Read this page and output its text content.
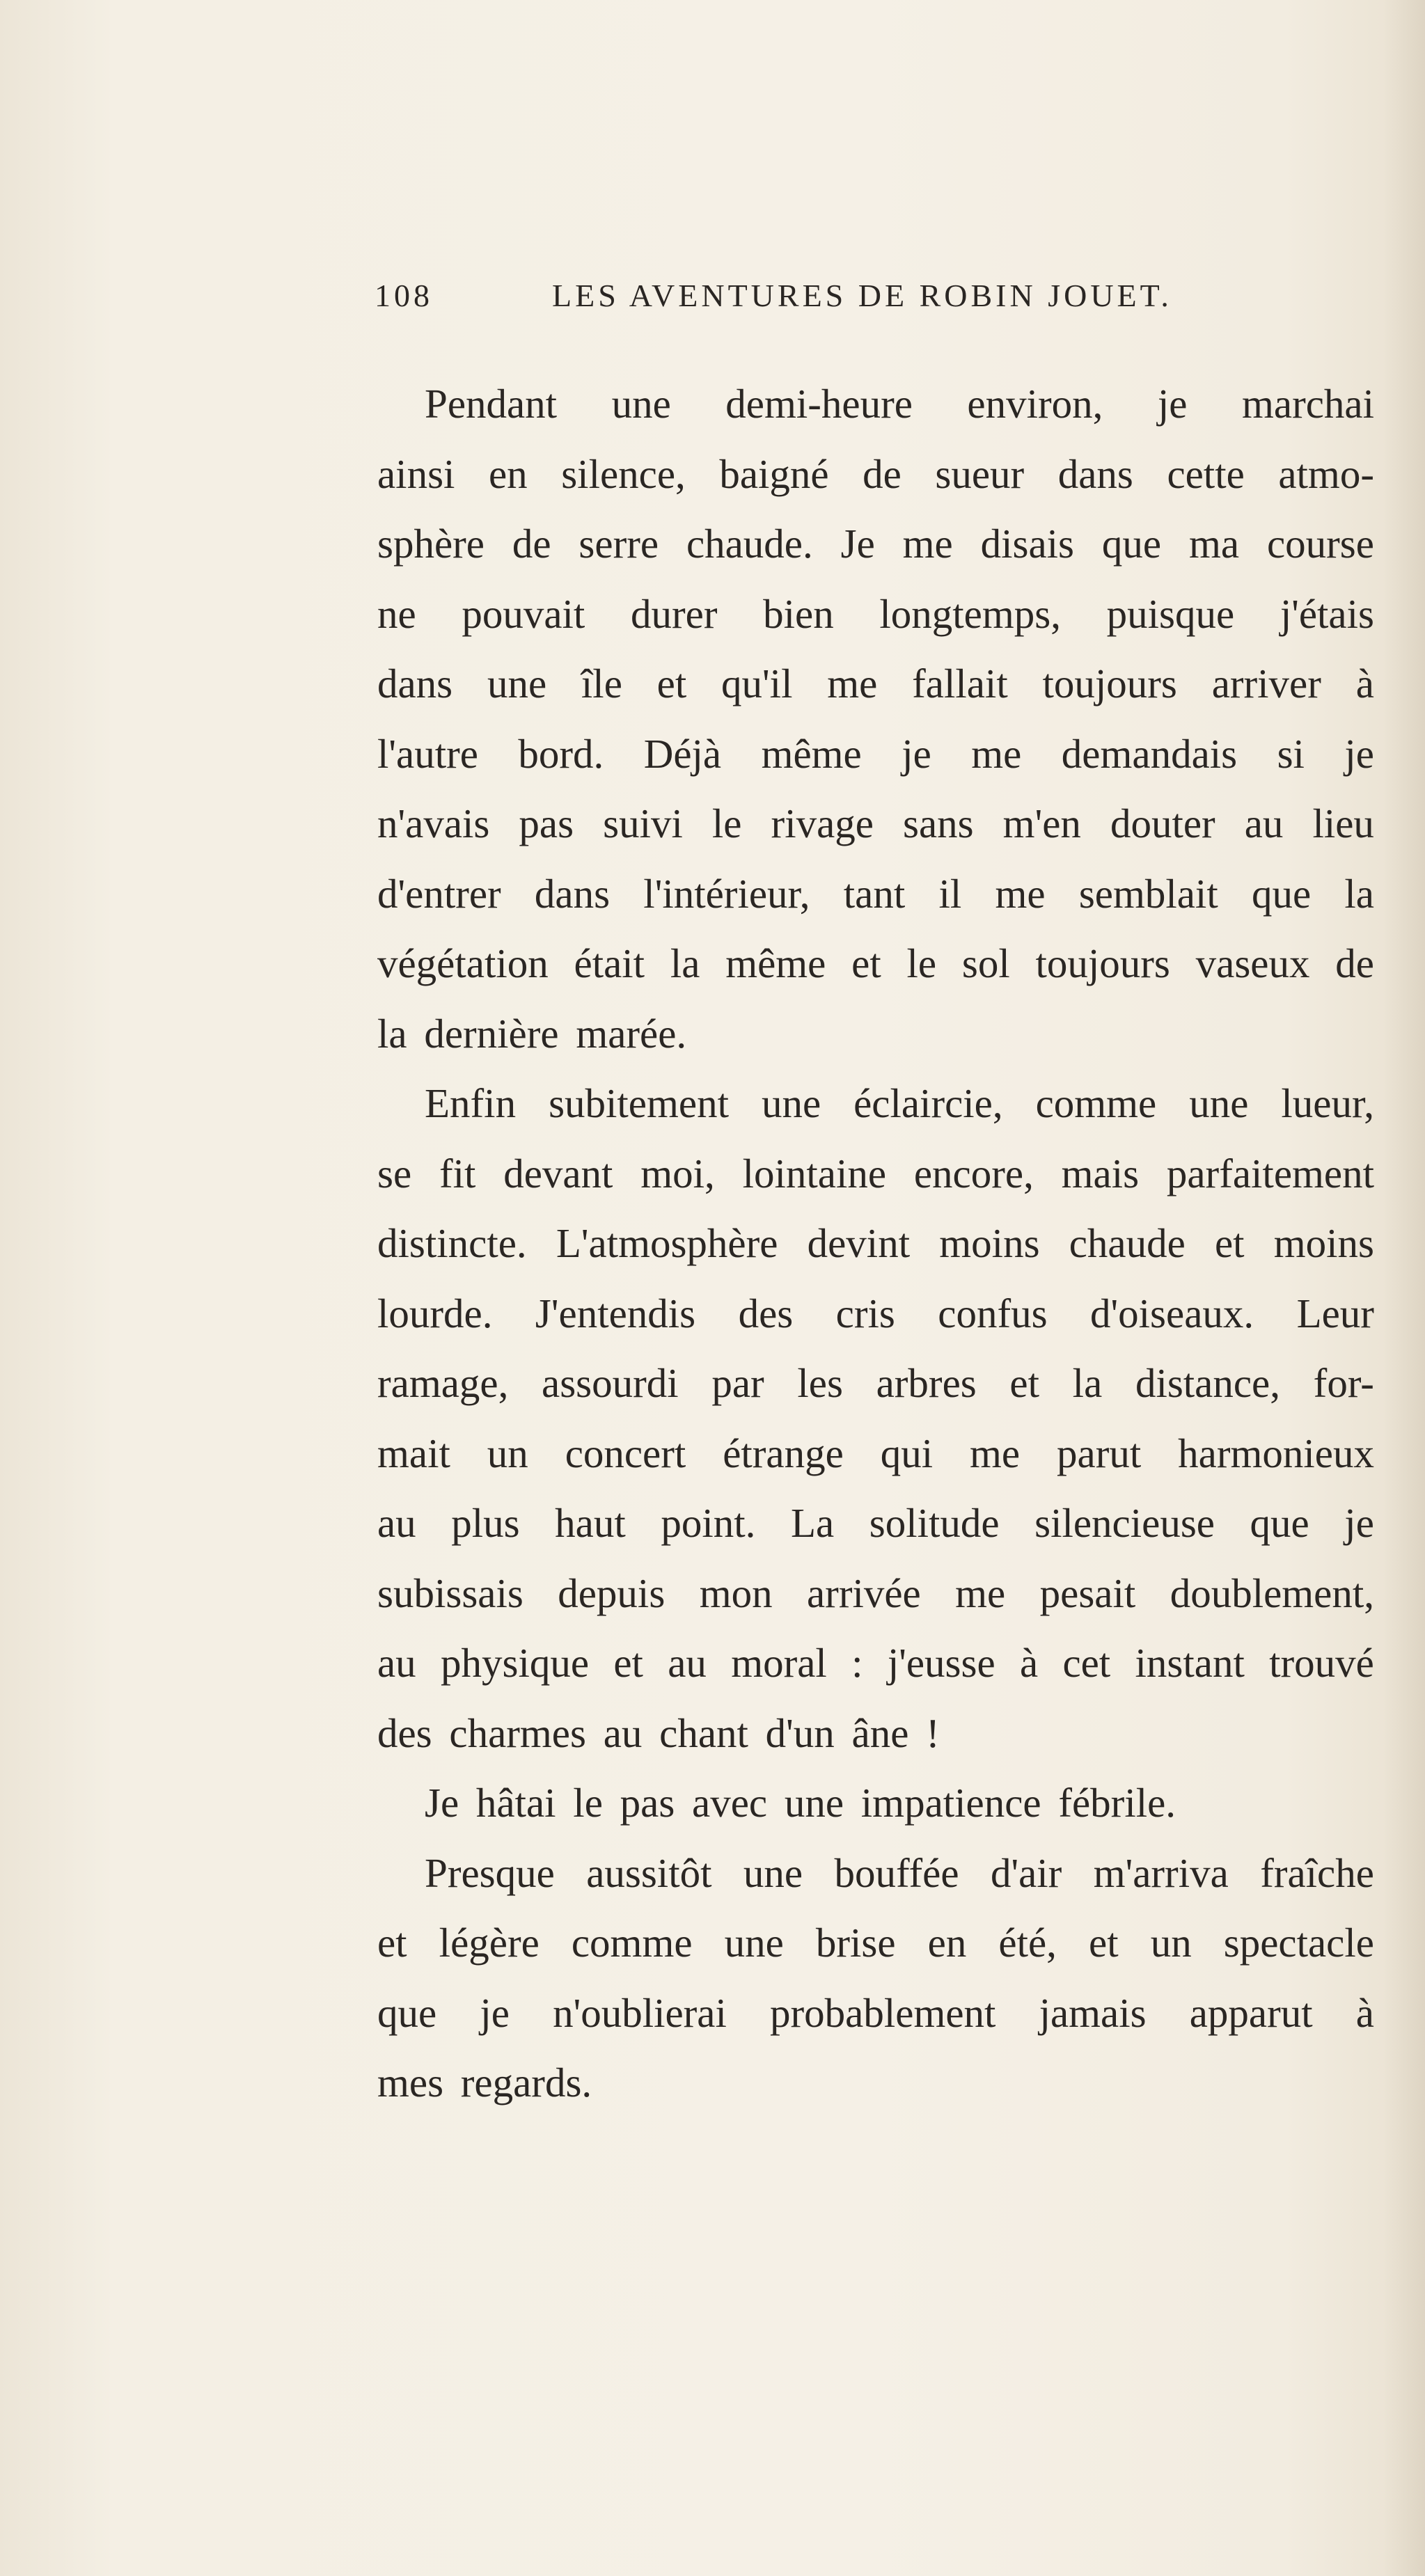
108	LES AVENTURES DE ROBIN JOUET.
Pendant une demi-heure environ, je marchai
ainsi en silence, baigné de sueur dans cette atmo-
sphère de serre chaude. Je me disais que ma course
ne pouvait durer bien longtemps, puisque j'étais
dans une île et qu'il me fallait toujours arriver à
l'autre bord. Déjà même je me demandais si je
n'avais pas suivi le rivage sans m'en douter au lieu
d'entrer dans l'intérieur, tant il me semblait que la
végétation était la même et le sol toujours vaseux de
la dernière marée.
Enfin subitement une éclaircie, comme une lueur,
se fit devant moi, lointaine encore, mais parfaitement
distincte. L'atmosphère devint moins chaude et moins
lourde. J'entendis des cris confus d'oiseaux. Leur
ramage, assourdi par les arbres et la distance, for-
mait un concert étrange qui me parut harmonieux
au plus haut point. La solitude silencieuse que je
subissais depuis mon arrivée me pesait doublement,
au physique et au moral : j'eusse à cet instant trouvé
des charmes au chant d'un âne !
Je hâtai le pas avec une impatience fébrile.
Presque aussitôt une bouffée d'air m'arriva fraîche
et légère comme une brise en été, et un spectacle
que je n'oublierai probablement jamais apparut à
mes regards.
